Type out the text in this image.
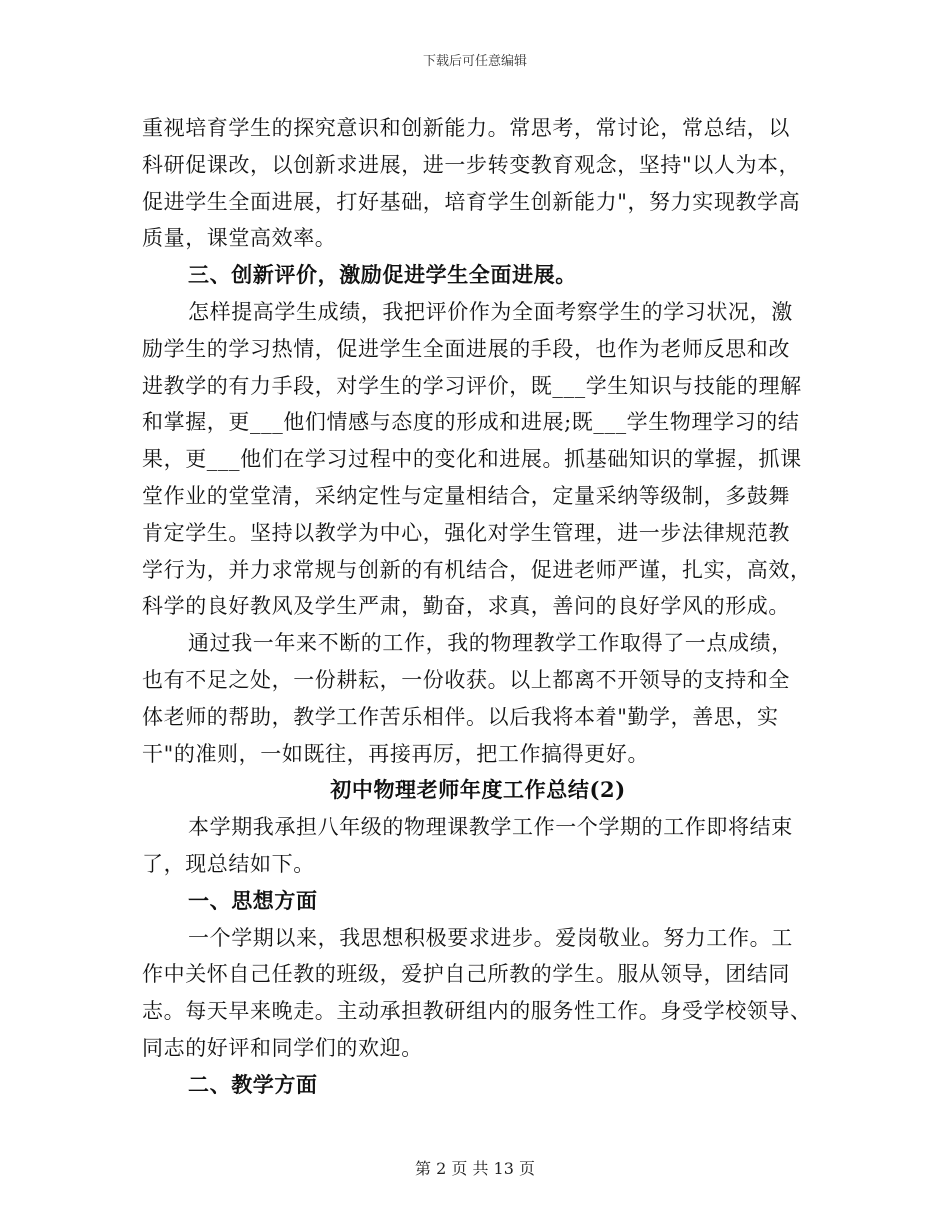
下载后可任意编辑
重视培育学生的探究意识和创新能力。常思考，常讨论，常总结，以
科研促课改，以创新求进展，进一步转变教育观念，坚持"以人为本，
促进学生全面进展，打好基础，培育学生创新能力"，努力实现教学高
质量，课堂高效率。
三、创新评价，激励促进学生全面进展。
怎样提高学生成绩，我把评价作为全面考察学生的学习状况，激
励学生的学习热情，促进学生全面进展的手段，也作为老师反思和改
进教学的有力手段，对学生的学习评价，既___学生知识与技能的理解
和掌握，更___他们情感与态度的形成和进展;既___学生物理学习的结
果，更___他们在学习过程中的变化和进展。抓基础知识的掌握，抓课
堂作业的堂堂清，采纳定性与定量相结合，定量采纳等级制，多鼓舞
肯定学生。坚持以教学为中心，强化对学生管理，进一步法律规范教
学行为，并力求常规与创新的有机结合，促进老师严谨，扎实，高效，
科学的良好教风及学生严肃，勤奋，求真，善问的良好学风的形成。
通过我一年来不断的工作，我的物理教学工作取得了一点成绩，
也有不足之处，一份耕耘，一份收获。以上都离不开领导的支持和全
体老师的帮助，教学工作苦乐相伴。以后我将本着"勤学，善思，实
干"的准则，一如既往，再接再厉，把工作搞得更好。
初中物理老师年度工作总结(2)
本学期我承担八年级的物理课教学工作一个学期的工作即将结束
了，现总结如下。
一、思想方面
一个学期以来，我思想积极要求进步。爱岗敬业。努力工作。工
作中关怀自己任教的班级，爱护自己所教的学生。服从领导，团结同
志。每天早来晚走。主动承担教研组内的服务性工作。身受学校领导、
同志的好评和同学们的欢迎。
二、教学方面
第 2 页 共 13 页
